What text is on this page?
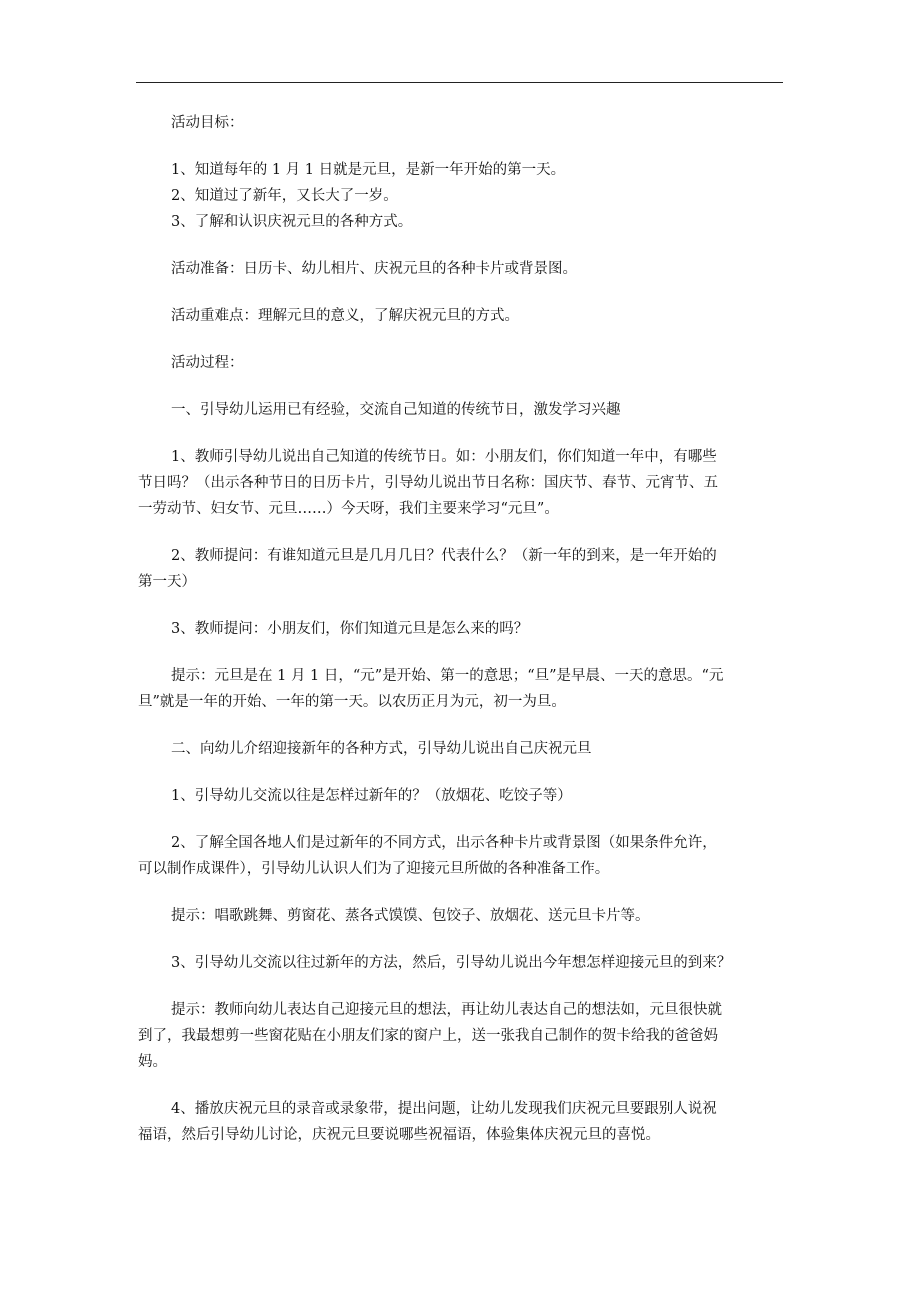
活动目标：

1、知道每年的 1 月 1 日就是元旦，是新一年开始的第一天。

2、知道过了新年，又长大了一岁。

3、了解和认识庆祝元旦的各种方式。

活动准备：日历卡、幼儿相片、庆祝元旦的各种卡片或背景图。

活动重难点：理解元旦的意义，了解庆祝元旦的方式。

活动过程：

一、引导幼儿运用已有经验，交流自己知道的传统节日，激发学习兴趣

1、教师引导幼儿说出自己知道的传统节日。如：小朋友们，你们知道一年中，有哪些

节日吗？（出示各种节日的日历卡片，引导幼儿说出节日名称：国庆节、春节、元宵节、五

一劳动节、妇女节、元旦……）今天呀，我们主要来学习“元旦”。

2、教师提问：有谁知道元旦是几月几日？代表什么？（新一年的到来，是一年开始的

第一天）

3、教师提问：小朋友们，你们知道元旦是怎么来的吗？

提示：元旦是在 1 月 1 日，“元”是开始、第一的意思；“旦”是早晨、一天的意思。“元

旦”就是一年的开始、一年的第一天。以农历正月为元，初一为旦。

二、向幼儿介绍迎接新年的各种方式，引导幼儿说出自己庆祝元旦

1、引导幼儿交流以往是怎样过新年的？（放烟花、吃饺子等）

2、了解全国各地人们是过新年的不同方式，出示各种卡片或背景图（如果条件允许，

可以制作成课件），引导幼儿认识人们为了迎接元旦所做的各种准备工作。

提示：唱歌跳舞、剪窗花、蒸各式馍馍、包饺子、放烟花、送元旦卡片等。

3、引导幼儿交流以往过新年的方法，然后，引导幼儿说出今年想怎样迎接元旦的到来？

提示：教师向幼儿表达自己迎接元旦的想法，再让幼儿表达自己的想法如，元旦很快就

到了，我最想剪一些窗花贴在小朋友们家的窗户上，送一张我自己制作的贺卡给我的爸爸妈

妈。

4、播放庆祝元旦的录音或录象带，提出问题，让幼儿发现我们庆祝元旦要跟别人说祝

福语，然后引导幼儿讨论，庆祝元旦要说哪些祝福语，体验集体庆祝元旦的喜悦。
